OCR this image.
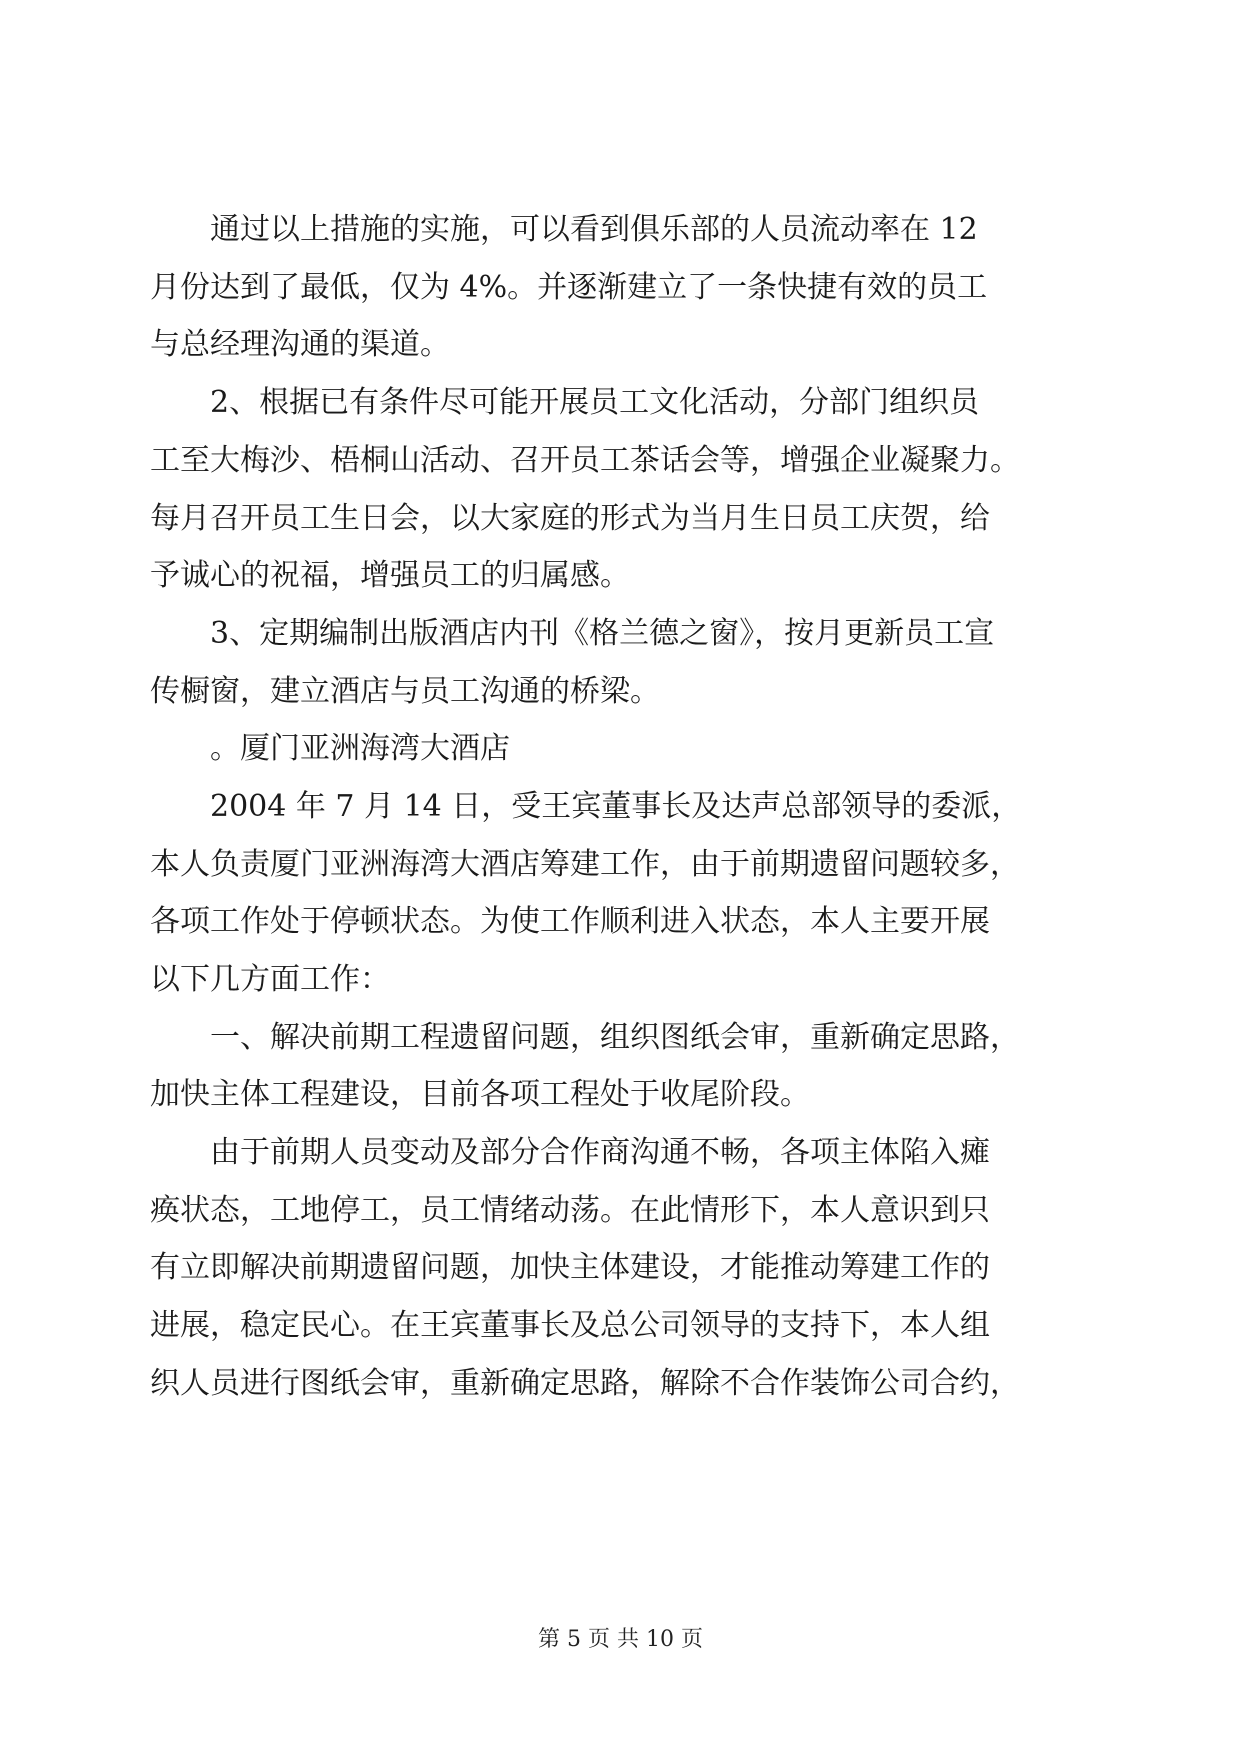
通过以上措施的实施，可以看到俱乐部的人员流动率在 12
月份达到了最低，仅为 4%。并逐渐建立了一条快捷有效的员工
与总经理沟通的渠道。
2、根据已有条件尽可能开展员工文化活动，分部门组织员
工至大梅沙、梧桐山活动、召开员工茶话会等，增强企业凝聚力。
每月召开员工生日会，以大家庭的形式为当月生日员工庆贺，给
予诚心的祝福，增强员工的归属感。
3、定期编制出版酒店内刊《格兰德之窗》，按月更新员工宣
传橱窗，建立酒店与员工沟通的桥梁。
。厦门亚洲海湾大酒店
2004 年 7 月 14 日，受王宾董事长及达声总部领导的委派，
本人负责厦门亚洲海湾大酒店筹建工作，由于前期遗留问题较多，
各项工作处于停顿状态。为使工作顺利进入状态，本人主要开展
以下几方面工作：
一、解决前期工程遗留问题，组织图纸会审，重新确定思路，
加快主体工程建设，目前各项工程处于收尾阶段。
由于前期人员变动及部分合作商沟通不畅，各项主体陷入瘫
痪状态，工地停工，员工情绪动荡。在此情形下，本人意识到只
有立即解决前期遗留问题，加快主体建设，才能推动筹建工作的
进展，稳定民心。在王宾董事长及总公司领导的支持下，本人组
织人员进行图纸会审，重新确定思路，解除不合作装饰公司合约，
第 5 页 共 10 页
